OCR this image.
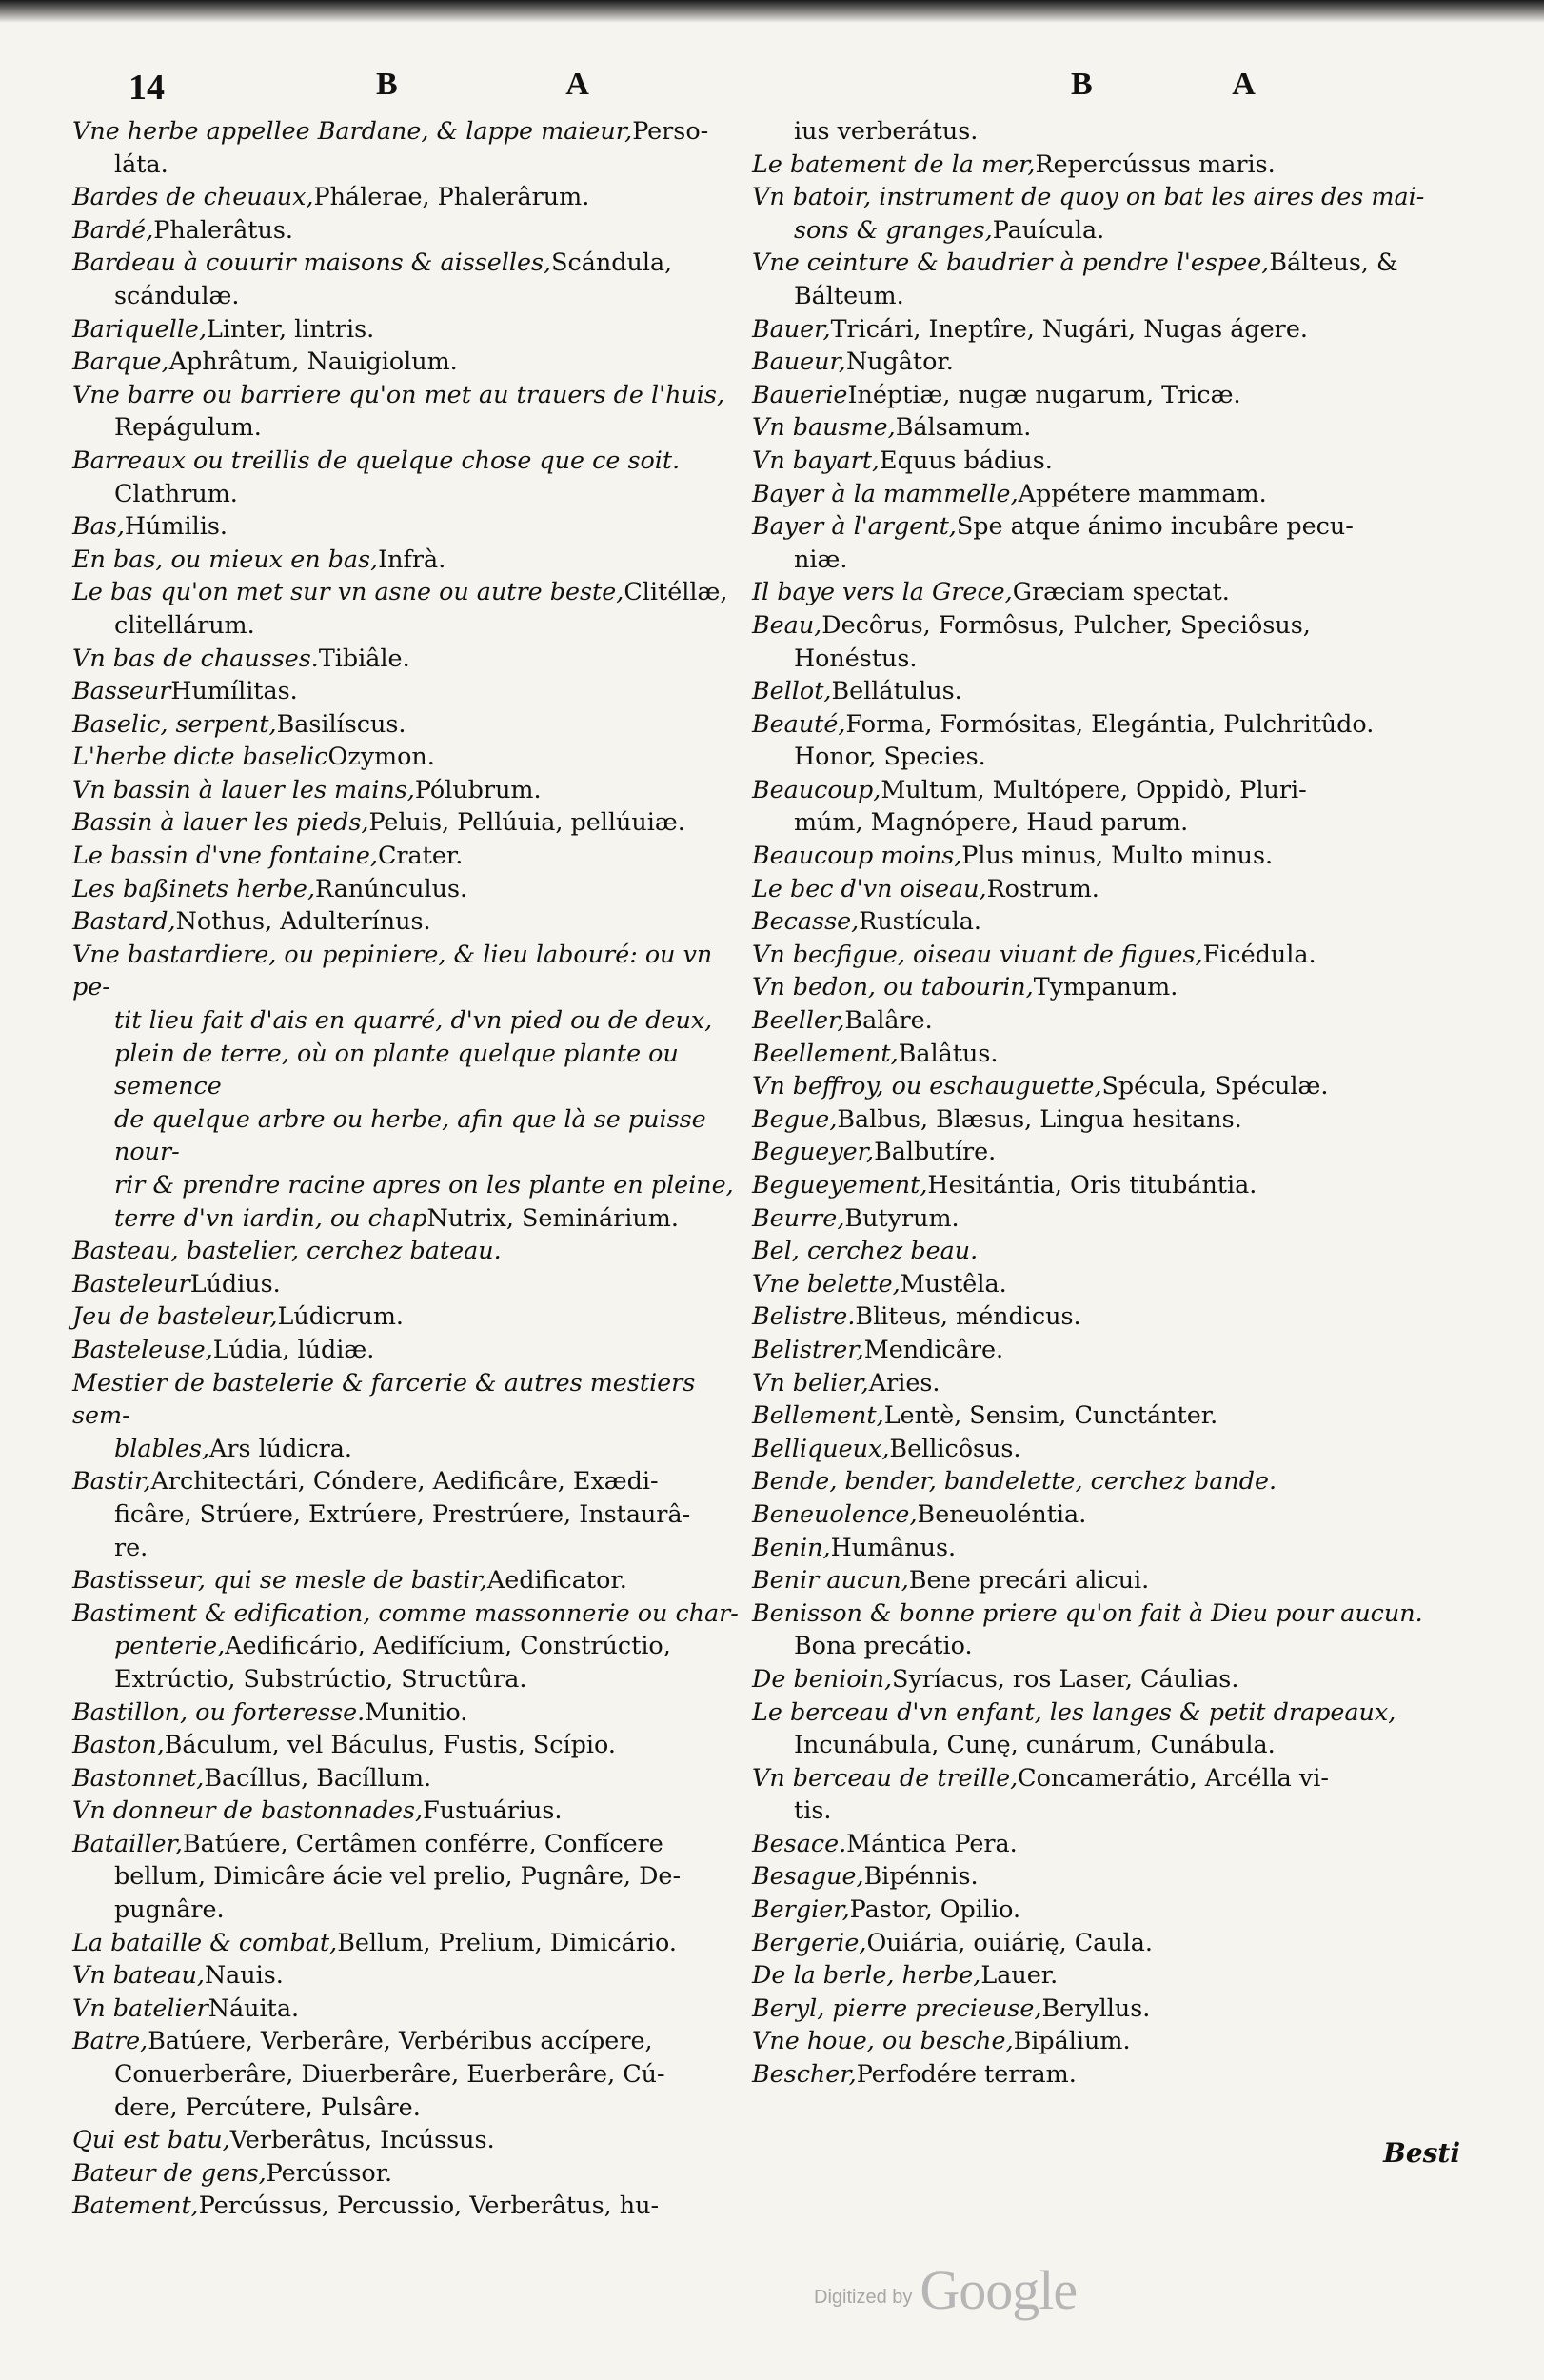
14	B A	B A

Vne herbe appellee Bardane, & lappe maieur,Perso-

láta.

Bardes de cheuaux,Phálerae, Phalerârum.

Bardé,Phalerâtus.

Bardeau à couurir maisons & aisselles,Scándula,

scándulæ.

Bariquelle,Linter, lintris.

Barque,Aphrâtum, Nauigiolum.

Vne barre ou barriere qu'on met au trauers de l'huis,

Repágulum.

Barreaux ou treillis de quelque chose que ce soit.

Clathrum.

Bas,Húmilis.

En bas, ou mieux en bas,Infrà.

Le bas qu'on met sur vn asne ou autre beste,Clitéllæ,

clitellárum.

Vn bas de chausses.Tibiâle.

BasseurHumílitas.

Baselic, serpent,Basilíscus.

L'herbe dicte baselicOzymon.

Vn bassin à lauer les mains,Pólubrum.

Bassin à lauer les pieds,Peluis, Pellúuia, pellúuiæ.

Le bassin d'vne fontaine,Crater.

Les baßinets herbe,Ranúnculus.

Bastard,Nothus, Adulterínus.

Vne bastardiere, ou pepiniere, & lieu labouré: ou vn pe-

tit lieu fait d'ais en quarré, d'vn pied ou de deux,

plein de terre, où on plante quelque plante ou semence

de quelque arbre ou herbe, afin que là se puisse nour-

rir & prendre racine apres on les plante en pleine,

terre d'vn iardin, ou chapNutrix, Seminárium.

Basteau, bastelier, cerchez bateau.

BasteleurLúdius.

Jeu de basteleur,Lúdicrum.

Basteleuse,Lúdia, lúdiæ.

Mestier de bastelerie & farcerie & autres mestiers sem-

blables,Ars lúdicra.

Bastir,Architectári, Cóndere, Aedificâre, Exædi-

ficâre, Strúere, Extrúere, Prestrúere, Instaurâ-

re.

Bastisseur, qui se mesle de bastir,Aedificator.

Bastiment & edification, comme massonnerie ou char-

penterie,Aedificário, Aedifícium, Constrúctio,

Extrúctio, Substrúctio, Structûra.

Bastillon, ou forteresse.Munitio.

Baston,Báculum, vel Báculus, Fustis, Scípio.

Bastonnet,Bacíllus, Bacíllum.

Vn donneur de bastonnades,Fustuárius.

Batailler,Batúere, Certâmen conférre, Confícere

bellum, Dimicâre ácie vel prelio, Pugnâre, De-

pugnâre.

La bataille & combat,Bellum, Prelium, Dimicário.

Vn bateau,Nauis.

Vn batelierNáuita.

Batre,Batúere, Verberâre, Verbéribus accípere,

Conuerberâre, Diuerberâre, Euerberâre, Cú-

dere, Percútere, Pulsâre.

Qui est batu,Verberâtus, Incússus.

Bateur de gens,Percússor.

Batement,Percússus, Percussio, Verberâtus, hu-

ius verberátus.

Le batement de la mer,Repercússus maris.

Vn batoir, instrument de quoy on bat les aires des mai-

sons & granges,Pauícula.

Vne ceinture & baudrier à pendre l'espee,Bálteus, &

Bálteum.

Bauer,Tricári, Ineptîre, Nugári, Nugas ágere.

Baueur,Nugâtor.

BauerieInéptiæ, nugæ nugarum, Tricæ.

Vn bausme,Bálsamum.

Vn bayart,Equus bádius.

Bayer à la mammelle,Appétere mammam.

Bayer à l'argent,Spe atque ánimo incubâre pecu-

niæ.

Il baye vers la Grece,Græciam spectat.

Beau,Decôrus, Formôsus, Pulcher, Speciôsus,

Honéstus.

Bellot,Bellátulus.

Beauté,Forma, Formósitas, Elegántia, Pulchritûdo.

Honor, Species.

Beaucoup,Multum, Multópere, Oppidò, Pluri-

múm, Magnópere, Haud parum.

Beaucoup moins,Plus minus, Multo minus.

Le bec d'vn oiseau,Rostrum.

Becasse,Rustícula.

Vn becfigue, oiseau viuant de figues,Ficédula.

Vn bedon, ou tabourin,Tympanum.

Beeller,Balâre.

Beellement,Balâtus.

Vn beffroy, ou eschauguette,Spécula, Spéculæ.

Begue,Balbus, Blæsus, Lingua hesitans.

Begueyer,Balbutíre.

Begueyement,Hesitántia, Oris titubántia.

Beurre,Butyrum.

Bel, cerchez beau.

Vne belette,Mustêla.

Belistre.Bliteus, méndicus.

Belistrer,Mendicâre.

Vn belier,Aries.

Bellement,Lentè, Sensim, Cunctánter.

Belliqueux,Bellicôsus.

Bende, bender, bandelette, cerchez bande.

Beneuolence,Beneuoléntia.

Benin,Humânus.

Benir aucun,Bene precári alicui.

Benisson & bonne priere qu'on fait à Dieu pour aucun.

Bona precátio.

De benioin,Syríacus, ros Laser, Cáulias.

Le berceau d'vn enfant, les langes & petit drapeaux,

Incunábula, Cunę, cunárum, Cunábula.

Vn berceau de treille,Concamerátio, Arcélla vi-

tis.

Besace.Mántica Pera.

Besague,Bipénnis.

Bergier,Pastor, Opilio.

Bergerie,Ouiária, ouiárię, Caula.

De la berle, herbe,Lauer.

Beryl, pierre precieuse,Beryllus.

Vne houe, ou besche,Bipálium.

Bescher,Perfodére terram.

Besti
Digitized by Google
